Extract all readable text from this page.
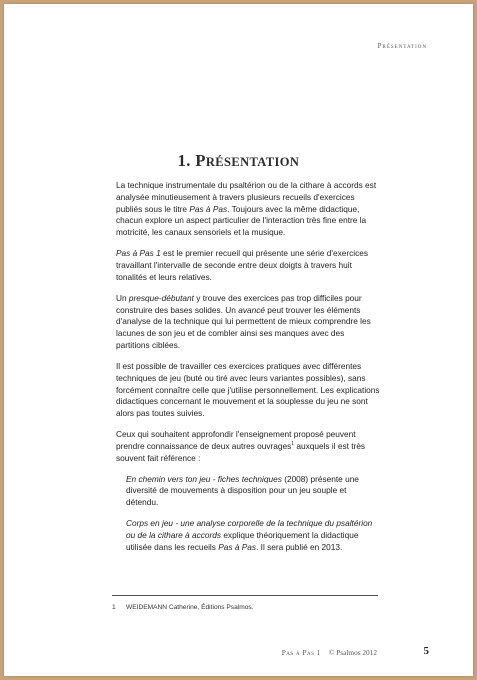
Présentation
1. PRÉSENTATION

La technique instrumentale du psaltérion ou de la cithare à accords est analysée minutieusement à travers plusieurs recueils d'exercices publiés sous le titre Pas à Pas. Toujours avec la même didactique, chacun explore un aspect particulier de l'interaction très fine entre la motricité, les canaux sensoriels et la musique.

Pas à Pas 1 est le premier recueil qui présente une série d'exercices travaillant l'intervalle de seconde entre deux doigts à travers huit tonalités et leurs relatives.

Un presque-débutant y trouve des exercices pas trop difficiles pour construire des bases solides. Un avancé peut trouver les éléments d'analyse de la technique qui lui permettent de mieux comprendre les lacunes de son jeu et de combler ainsi ses manques avec des partitions ciblées.

Il est possible de travailler ces exercices pratiques avec différentes techniques de jeu (buté ou tiré avec leurs variantes possibles), sans forcément connaître celle que j'utilise personnellement. Les explications didactiques concernant le mouvement et la souplesse du jeu ne sont alors pas toutes suivies.

Ceux qui souhaitent approfondir l'enseignement proposé peuvent prendre connaissance de deux autres ouvrages$^1$ auxquels il est très souvent fait référence :

En chemin vers ton jeu - fiches techniques (2008) présente une diversité de mouvements à disposition pour un jeu souple et détendu.

Corps en jeu - une analyse corporelle de la technique du psaltérion ou de la cithare à accords explique théoriquement la didactique utilisée dans les recueils Pas à Pas. Il sera publié en 2013.

1 WEIDEMANN Catherine, Éditions Psalmos.
Pas à Pas 1 © Psalmos 2012	5
